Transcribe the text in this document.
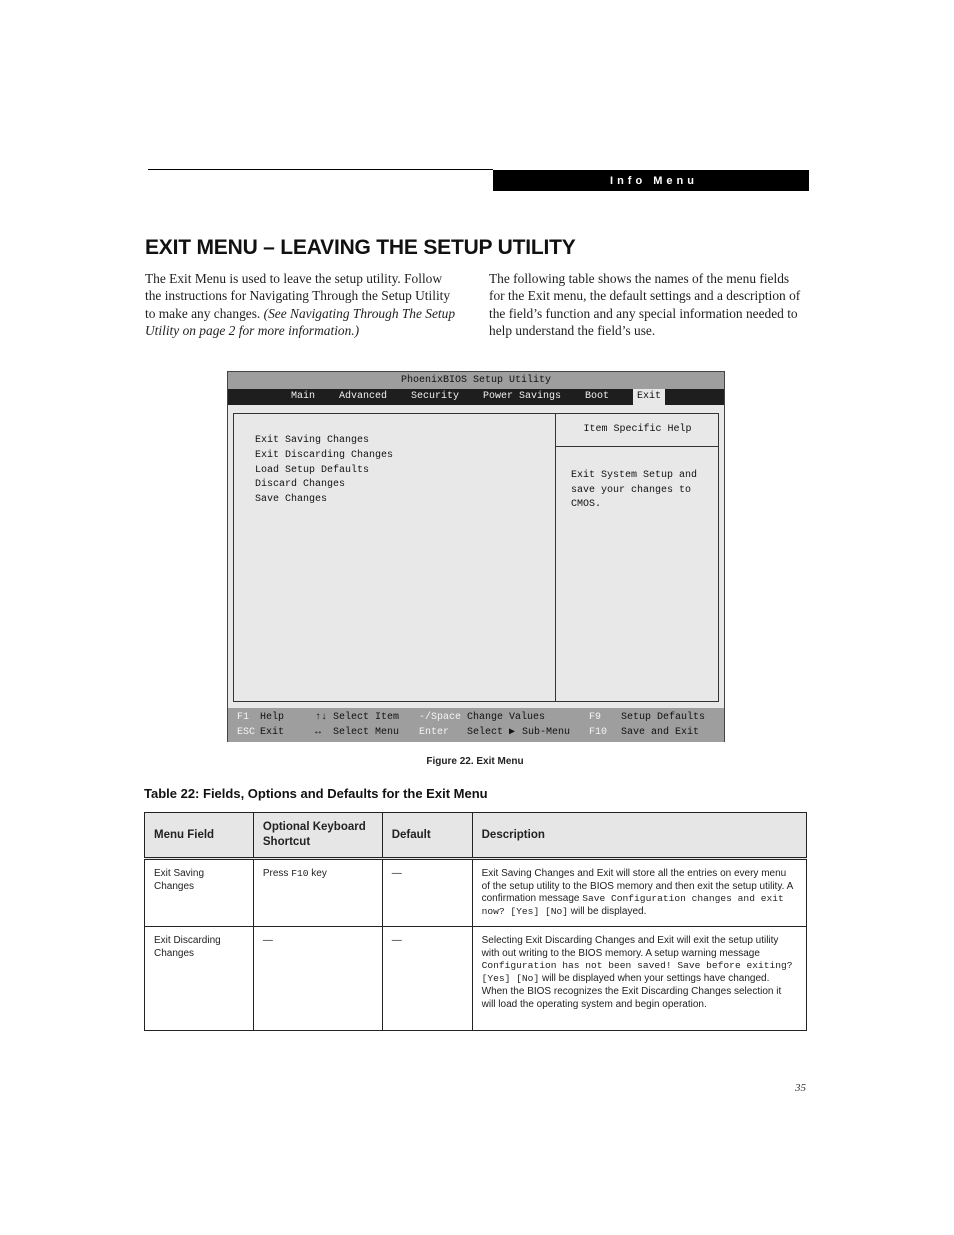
Info Menu
EXIT MENU – LEAVING THE SETUP UTILITY
The Exit Menu is used to leave the setup utility. Follow the instructions for Navigating Through the Setup Utility to make any changes. (See Navigating Through The Setup Utility on page 2 for more information.)
The following table shows the names of the menu fields for the Exit menu, the default settings and a description of the field’s function and any special information needed to help understand the field’s use.
PhoenixBIOS Setup Utility
Main Advanced Security Power Savings Boot	Exit
Exit Saving Changes
Exit Discarding Changes
Load Setup Defaults
Discard Changes
Save Changes
Item Specific Help
Exit System Setup and
save your changes to
CMOS.
F1 Help
ESC Exit
↑↓ Select Item
↔ Select Menu
-/Space Change Values
Enter Select ▶ Sub-Menu
F9 Setup Defaults
F10 Save and Exit
Figure 22. Exit Menu
Table 22: Fields, Options and Defaults for the Exit Menu
Menu Field	Optional Keyboard Shortcut	Default	Description
Exit Saving Changes	Press F10 key	—	Exit Saving Changes and Exit will store all the entries on every menu of the setup utility to the BIOS memory and then exit the setup utility. A confirmation message Save Configuration changes and exit now? [Yes] [No] will be displayed.
Exit Discarding Changes	—	—	Selecting Exit Discarding Changes and Exit will exit the setup utility with out writing to the BIOS memory. A setup warning message Configuration has not been saved! Save before exiting? [Yes] [No] will be displayed when your settings have changed. When the BIOS recognizes the Exit Discarding Changes selection it will load the operating system and begin operation.
35
